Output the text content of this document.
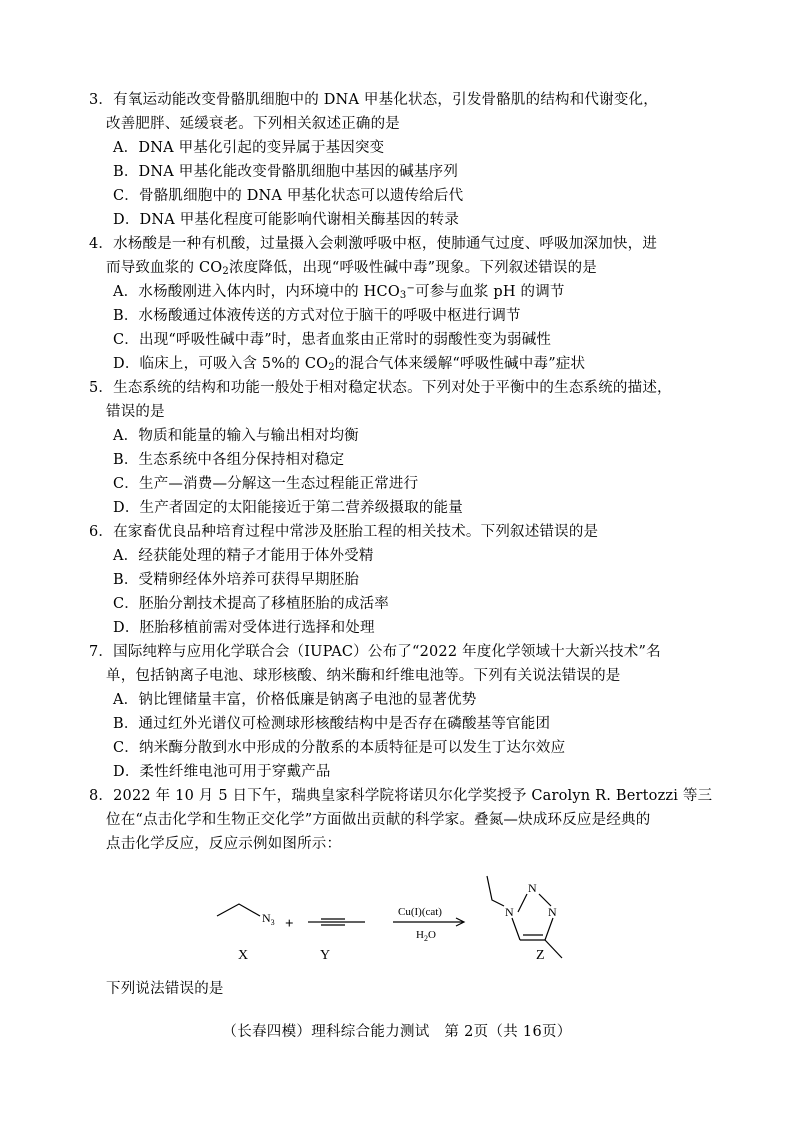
3．有氧运动能改变骨骼肌细胞中的 DNA 甲基化状态，引发骨骼肌的结构和代谢变化，
改善肥胖、延缓衰老。下列相关叙述正确的是
A．DNA 甲基化引起的变异属于基因突变
B．DNA 甲基化能改变骨骼肌细胞中基因的碱基序列
C．骨骼肌细胞中的 DNA 甲基化状态可以遗传给后代
D．DNA 甲基化程度可能影响代谢相关酶基因的转录
4．水杨酸是一种有机酸，过量摄入会刺激呼吸中枢，使肺通气过度、呼吸加深加快，进
而导致血浆的 $CO_2$浓度降低，出现“呼吸性碱中毒”现象。下列叙述错误的是
A．水杨酸刚进入体内时，内环境中的 $HCO_3^-$可参与血浆 pH 的调节
B．水杨酸通过体液传送的方式对位于脑干的呼吸中枢进行调节
C．出现“呼吸性碱中毒”时，患者血浆由正常时的弱酸性变为弱碱性
D．临床上，可吸入含 5%的 $CO_2$的混合气体来缓解“呼吸性碱中毒”症状
5．生态系统的结构和功能一般处于相对稳定状态。下列对处于平衡中的生态系统的描述，
错误的是
A．物质和能量的输入与输出相对均衡
B．生态系统中各组分保持相对稳定
C．生产—消费—分解这一生态过程能正常进行
D．生产者固定的太阳能接近于第二营养级摄取的能量
6．在家畜优良品种培育过程中常涉及胚胎工程的相关技术。下列叙述错误的是
A．经获能处理的精子才能用于体外受精
B．受精卵经体外培养可获得早期胚胎
C．胚胎分割技术提高了移植胚胎的成活率
D．胚胎移植前需对受体进行选择和处理
7．国际纯粹与应用化学联合会（IUPAC）公布了“2022 年度化学领域十大新兴技术”名
单，包括钠离子电池、球形核酸、纳米酶和纤维电池等。下列有关说法错误的是
A．钠比锂储量丰富，价格低廉是钠离子电池的显著优势
B．通过红外光谱仪可检测球形核酸结构中是否存在磷酸基等官能团
C．纳米酶分散到水中形成的分散系的本质特征是可以发生丁达尔效应
D．柔性纤维电池可用于穿戴产品
8．2022 年 10 月 5 日下午，瑞典皇家科学院将诺贝尔化学奖授予 Carolyn R. Bertozzi 等三
位在“点击化学和生物正交化学”方面做出贡献的科学家。叠氮—炔成环反应是经典的
点击化学反应，反应示例如图所示：
$N_3$ +
Cu(I)(cat)
$H_2O$
N
N
N
X	Y	Z
下列说法错误的是
（长春四模）理科综合能力测试　第 2页（共 16页）
